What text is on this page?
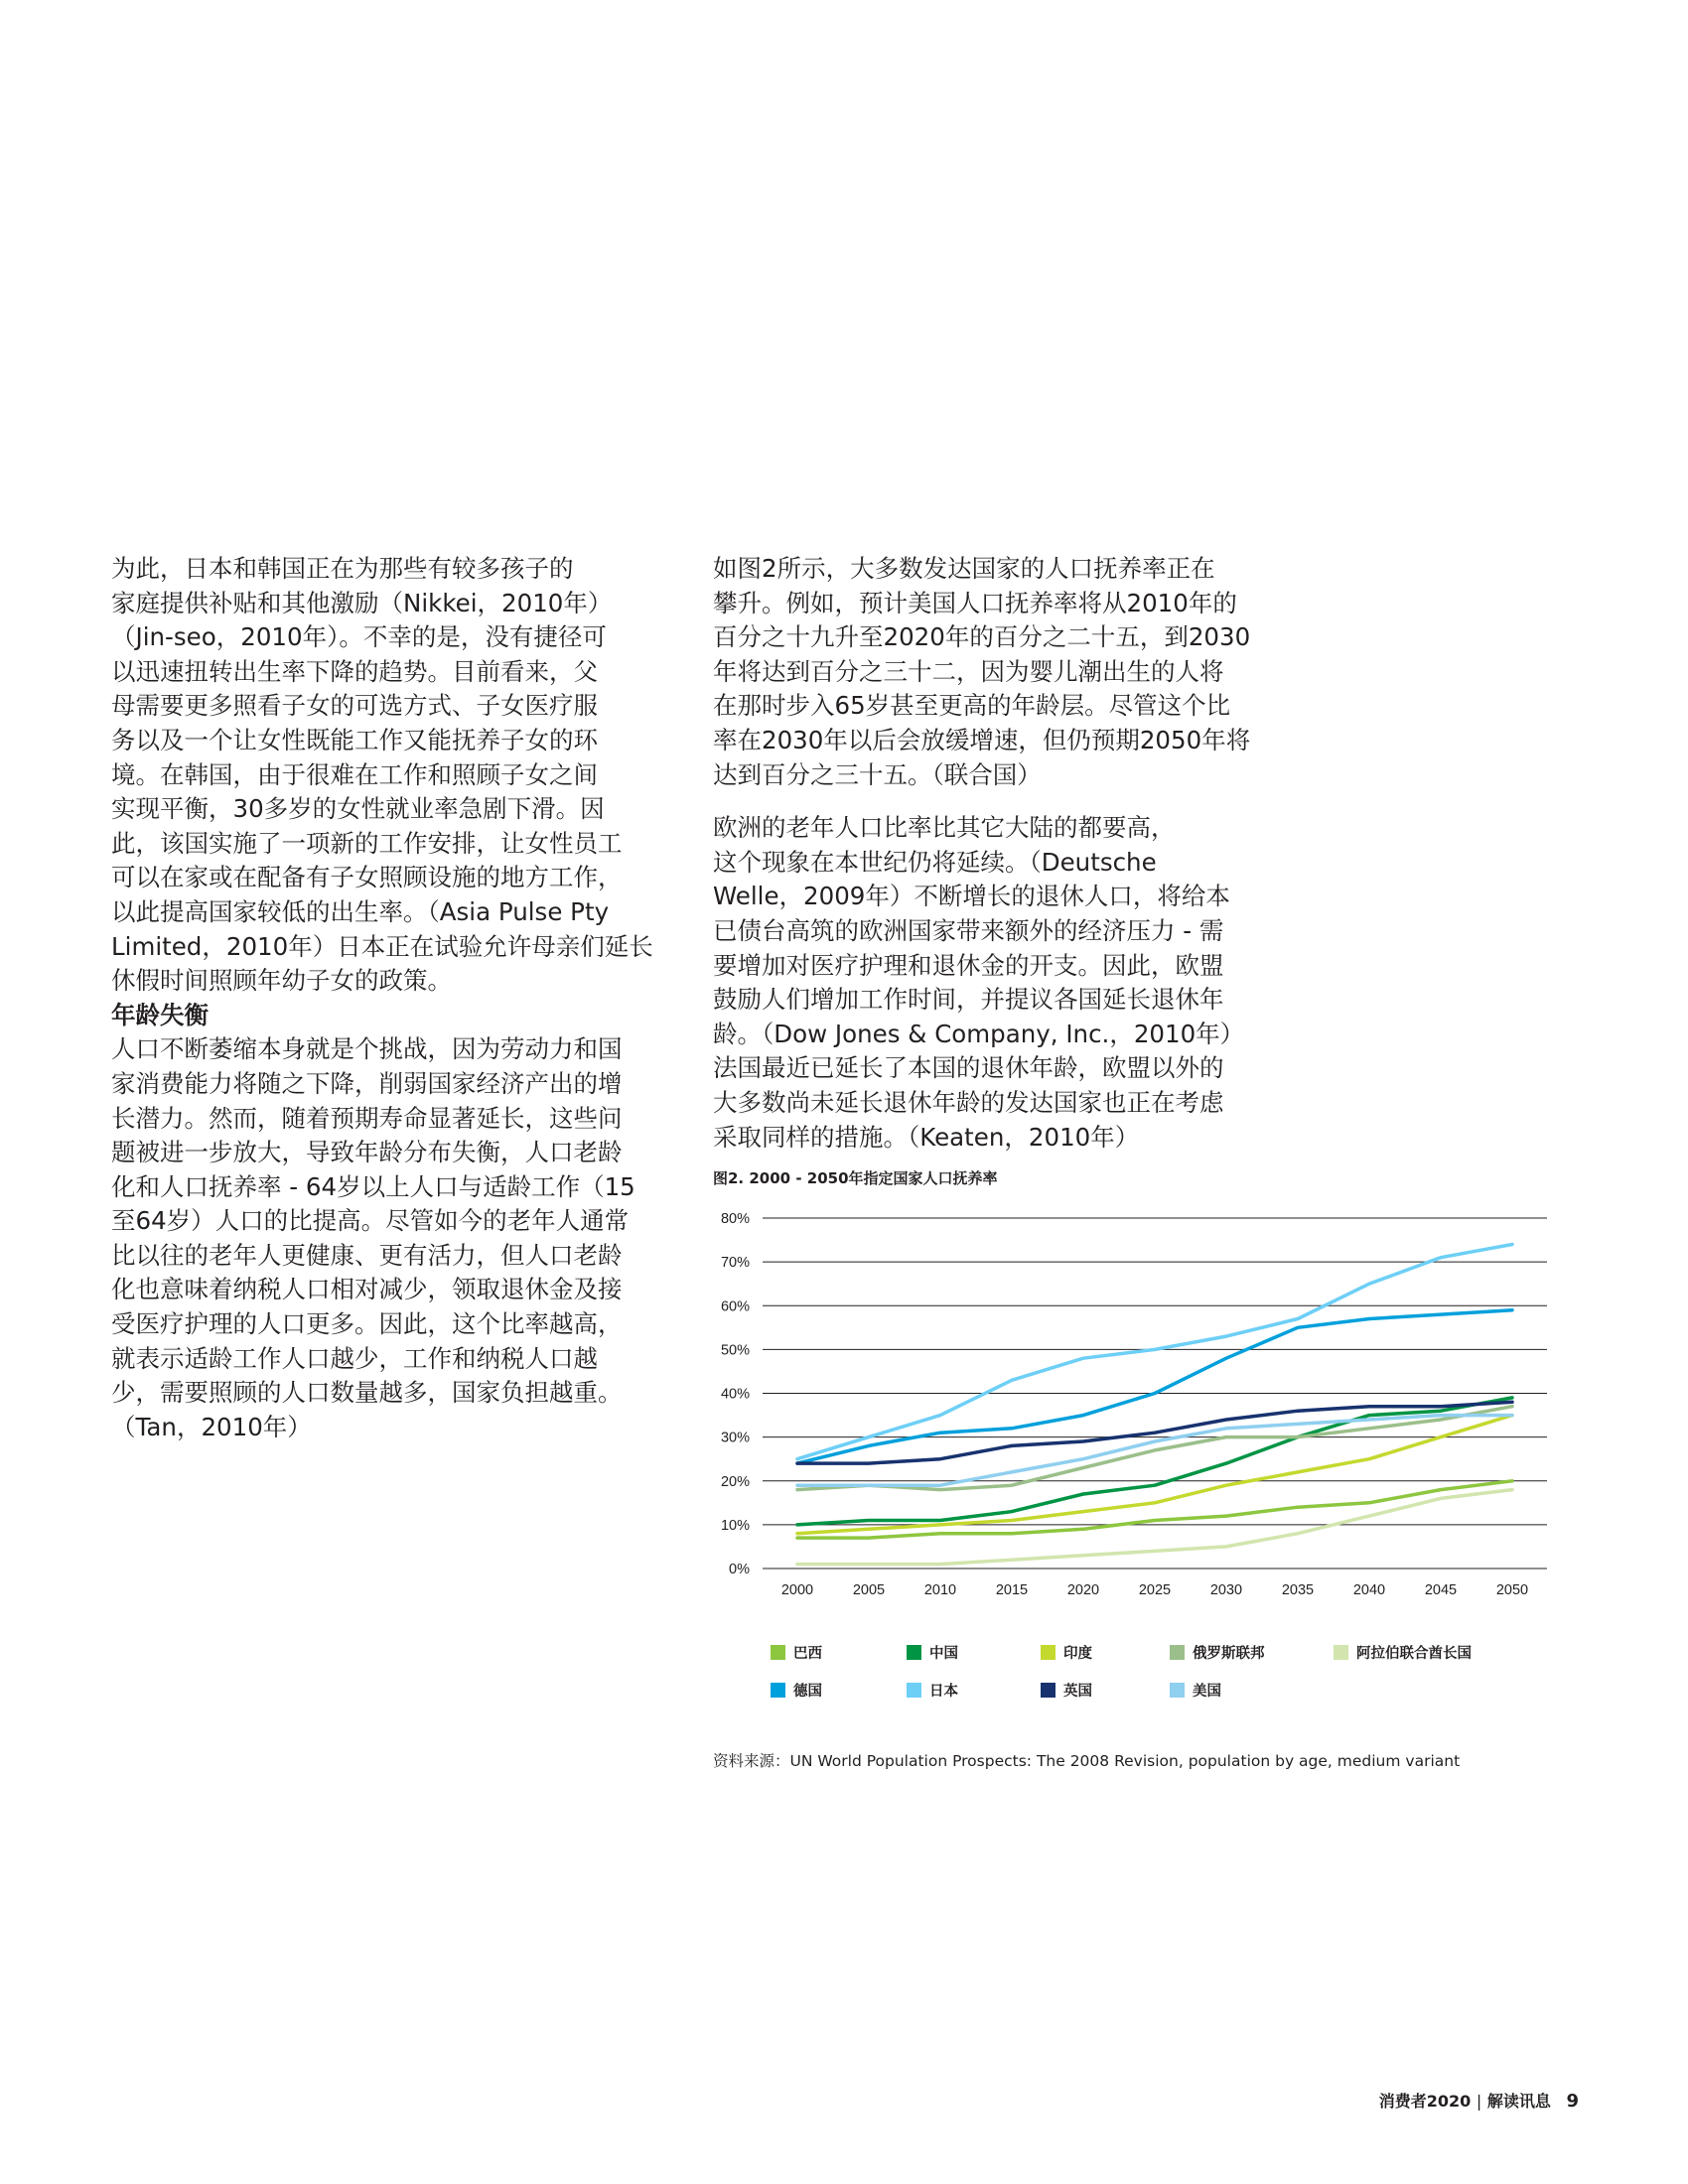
为此，日本和韩国正在为那些有较多孩子的
家庭提供补贴和其他激励（Nikkei，2010年）
（Jin-seo，2010年）。不幸的是，没有捷径可
以迅速扭转出生率下降的趋势。目前看来，父
母需要更多照看子女的可选方式、子女医疗服
务以及一个让女性既能工作又能抚养子女的环
境。在韩国，由于很难在工作和照顾子女之间
实现平衡，30多岁的女性就业率急剧下滑。因
此，该国实施了一项新的工作安排，让女性员工
可以在家或在配备有子女照顾设施的地方工作，
以此提高国家较低的出生率。（Asia Pulse Pty
Limited，2010年）日本正在试验允许母亲们延长
休假时间照顾年幼子女的政策。

年龄失衡

人口不断萎缩本身就是个挑战，因为劳动力和国
家消费能力将随之下降，削弱国家经济产出的增
长潜力。然而，随着预期寿命显著延长，这些问
题被进一步放大，导致年龄分布失衡，人口老龄
化和人口抚养率 - 64岁以上人口与适龄工作（15
至64岁）人口的比提高。尽管如今的老年人通常
比以往的老年人更健康、更有活力，但人口老龄
化也意味着纳税人口相对减少，领取退休金及接
受医疗护理的人口更多。因此，这个比率越高，
就表示适龄工作人口越少，工作和纳税人口越
少，需要照顾的人口数量越多，国家负担越重。
（Tan，2010年）

如图2所示，大多数发达国家的人口抚养率正在
攀升。例如，预计美国人口抚养率将从2010年的
百分之十九升至2020年的百分之二十五，到2030
年将达到百分之三十二，因为婴儿潮出生的人将
在那时步入65岁甚至更高的年龄层。尽管这个比
率在2030年以后会放缓增速，但仍预期2050年将
达到百分之三十五。（联合国）

欧洲的老年人口比率比其它大陆的都要高，
这个现象在本世纪仍将延续。（Deutsche
Welle，2009年）不断增长的退休人口，将给本
已债台高筑的欧洲国家带来额外的经济压力 - 需
要增加对医疗护理和退休金的开支。因此，欧盟
鼓励人们增加工作时间，并提议各国延长退休年
龄。（Dow Jones & Company, Inc.，2010年）
法国最近已延长了本国的退休年龄，欧盟以外的
大多数尚未延长退休年龄的发达国家也正在考虑
采取同样的措施。（Keaten，2010年）

图2. 2000 - 2050年指定国家人口抚养率
0%
10%
20%
30%
40%
50%
60%
70%
80%
2000	2005	2010	2015	2020	2025	2030	2035	2040	2045	2050
巴西	中国	印度	俄罗斯联邦	阿拉伯联合酋长国
德国	日本	英国	美国
资料来源：UN World Population Prospects: The 2008 Revision, population by age, medium variant
消费者2020 | 解读讯息 9
